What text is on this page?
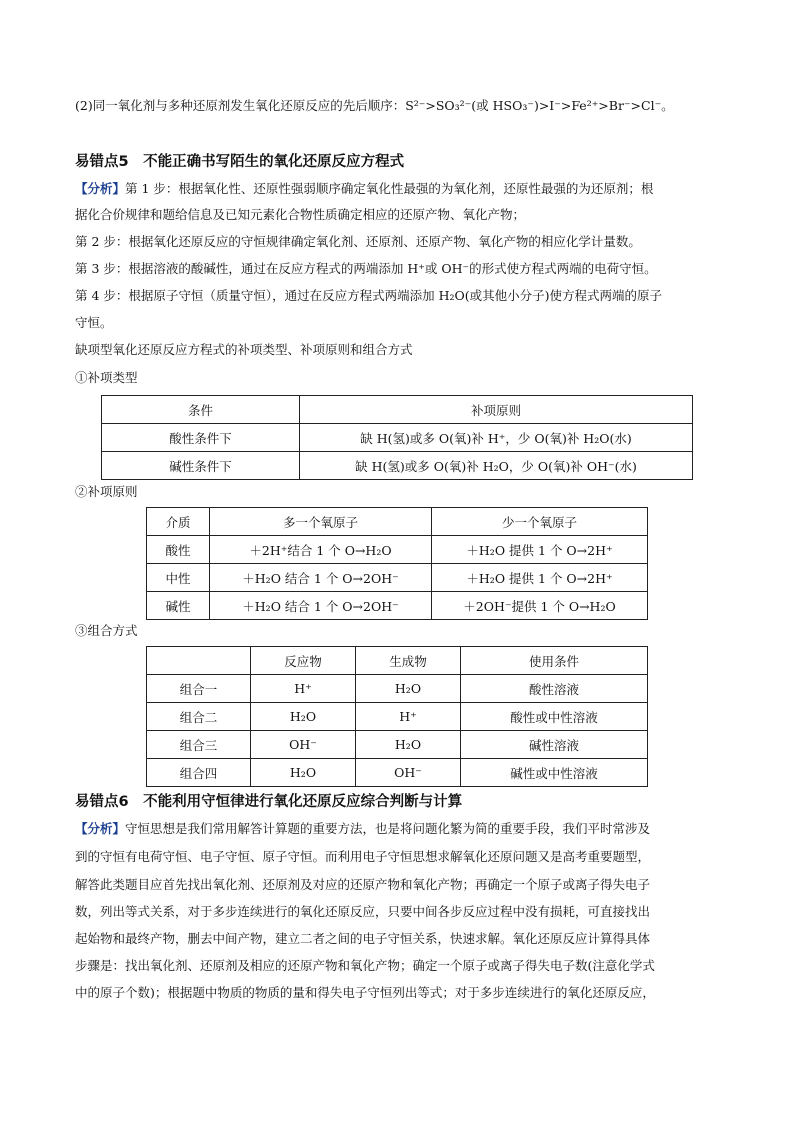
(2)同一氧化剂与多种还原剂发生氧化还原反应的先后顺序：S²⁻>SO₃²⁻(或 HSO₃⁻)>I⁻>Fe²⁺>Br⁻>Cl⁻。
易错点5　不能正确书写陌生的氧化还原反应方程式
【分析】第 1 步：根据氧化性、还原性强弱顺序确定氧化性最强的为氧化剂，还原性最强的为还原剂；根
据化合价规律和题给信息及已知元素化合物性质确定相应的还原产物、氧化产物；
第 2 步：根据氧化还原反应的守恒规律确定氧化剂、还原剂、还原产物、氧化产物的相应化学计量数。
第 3 步：根据溶液的酸碱性，通过在反应方程式的两端添加 H⁺或 OH⁻的形式使方程式两端的电荷守恒。
第 4 步：根据原子守恒（质量守恒），通过在反应方程式两端添加 H₂O(或其他小分子)使方程式两端的原子
守恒。
缺项型氧化还原反应方程式的补项类型、补项原则和组合方式
①补项类型
条件	补项原则
酸性条件下	缺 H(氢)或多 O(氧)补 H⁺，少 O(氧)补 H₂O(水)
碱性条件下	缺 H(氢)或多 O(氧)补 H₂O，少 O(氧)补 OH⁻(水)
②补项原则
介质	多一个氧原子	少一个氧原子
酸性	＋2H⁺结合 1 个 O→H₂O	＋H₂O 提供 1 个 O→2H⁺
中性	＋H₂O 结合 1 个 O→2OH⁻	＋H₂O 提供 1 个 O→2H⁺
碱性	＋H₂O 结合 1 个 O→2OH⁻	＋2OH⁻提供 1 个 O→H₂O
③组合方式
	反应物	生成物	使用条件
组合一	H⁺	H₂O	酸性溶液
组合二	H₂O	H⁺	酸性或中性溶液
组合三	OH⁻	H₂O	碱性溶液
组合四	H₂O	OH⁻	碱性或中性溶液
易错点6　不能利用守恒律进行氧化还原反应综合判断与计算
【分析】守恒思想是我们常用解答计算题的重要方法，也是将问题化繁为简的重要手段，我们平时常涉及
到的守恒有电荷守恒、电子守恒、原子守恒。而利用电子守恒思想求解氧化还原问题又是高考重要题型，
解答此类题目应首先找出氧化剂、还原剂及对应的还原产物和氧化产物；再确定一个原子或离子得失电子
数，列出等式关系，对于多步连续进行的氧化还原反应，只要中间各步反应过程中没有损耗，可直接找出
起始物和最终产物，删去中间产物，建立二者之间的电子守恒关系，快速求解。氧化还原反应计算得具体
步骤是：找出氧化剂、还原剂及相应的还原产物和氧化产物；确定一个原子或离子得失电子数(注意化学式
中的原子个数)；根据题中物质的物质的量和得失电子守恒列出等式；对于多步连续进行的氧化还原反应，
